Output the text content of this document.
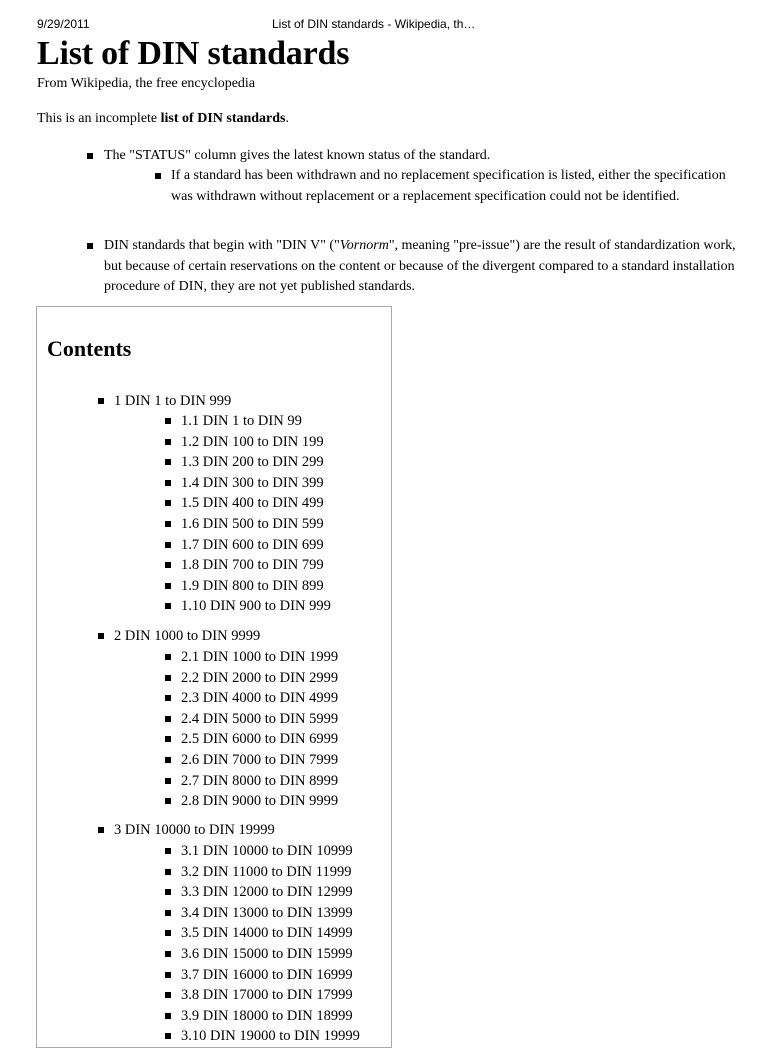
9/29/2011	List of DIN standards - Wikipedia, th…
List of DIN standards
From Wikipedia, the free encyclopedia

This is an incomplete list of DIN standards.

The "STATUS" column gives the latest known status of the standard.
If a standard has been withdrawn and no replacement specification is listed, either the specification was withdrawn without replacement or a replacement specification could not be identified.
DIN standards that begin with "DIN V" ("Vornorm", meaning "pre-issue") are the result of standardization work, but because of certain reservations on the content or because of the divergent compared to a standard installation procedure of DIN, they are not yet published standards.
Contents
1 DIN 1 to DIN 999
1.1 DIN 1 to DIN 99
1.2 DIN 100 to DIN 199
1.3 DIN 200 to DIN 299
1.4 DIN 300 to DIN 399
1.5 DIN 400 to DIN 499
1.6 DIN 500 to DIN 599
1.7 DIN 600 to DIN 699
1.8 DIN 700 to DIN 799
1.9 DIN 800 to DIN 899
1.10 DIN 900 to DIN 999
2 DIN 1000 to DIN 9999
2.1 DIN 1000 to DIN 1999
2.2 DIN 2000 to DIN 2999
2.3 DIN 4000 to DIN 4999
2.4 DIN 5000 to DIN 5999
2.5 DIN 6000 to DIN 6999
2.6 DIN 7000 to DIN 7999
2.7 DIN 8000 to DIN 8999
2.8 DIN 9000 to DIN 9999
3 DIN 10000 to DIN 19999
3.1 DIN 10000 to DIN 10999
3.2 DIN 11000 to DIN 11999
3.3 DIN 12000 to DIN 12999
3.4 DIN 13000 to DIN 13999
3.5 DIN 14000 to DIN 14999
3.6 DIN 15000 to DIN 15999
3.7 DIN 16000 to DIN 16999
3.8 DIN 17000 to DIN 17999
3.9 DIN 18000 to DIN 18999
3.10 DIN 19000 to DIN 19999
